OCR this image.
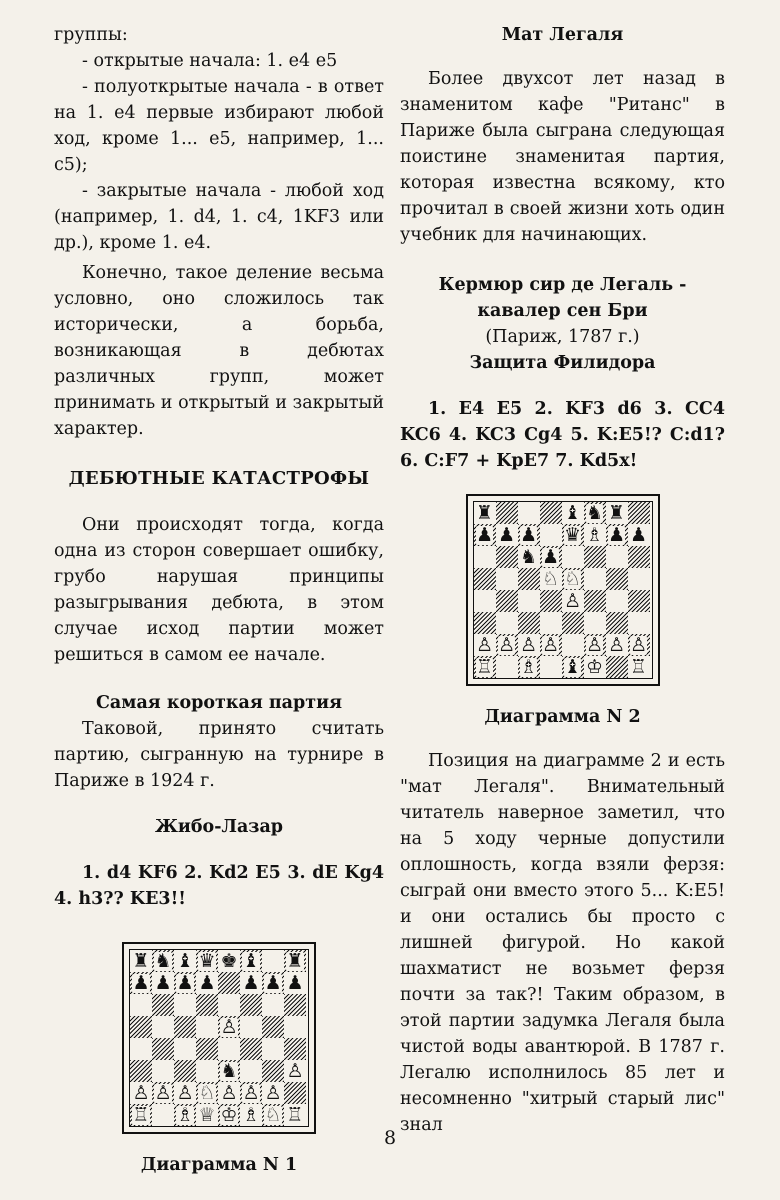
группы:

- открытые начала: 1. е4 е5

- полуоткрытые начала - в ответ на 1. е4 первые избирают любой ход, кроме 1... е5, например, 1... с5);

- закрытые начала - любой ход (например, 1. d4, 1. с4, 1KF3 или др.), кроме 1. е4.

Конечно, такое деление весьма условно, оно сложилось так исторически, а борьба, возникающая в дебютах различных групп, может принимать и открытый и закрытый характер.

ДЕБЮТНЫЕ КАТАСТРОФЫ

Они происходят тогда, когда одна из сторон совершает ошибку, грубо нарушая принципы разыгрывания дебюта, в этом случае исход партии может решиться в самом ее начале.

Самая короткая партия

Таковой, принято считать партию, сыгранную на турнире в Париже в 1924 г.

Жибо-Лазар

1. d4 KF6 2. Kd2 E5 3. dE Kg4 4. h3?? KE3!!

♜ ♞ ♝ ♛ ♚ ♝ ♜
♟ ♟ ♟ ♟ ♟ ♟ ♟
♙
♞	♙
♙ ♙ ♙ ♘ ♙ ♙ ♙
♖ ♗ ♕ ♔ ♗ ♘ ♖
Диаграмма N 1
Мат Легаля

Более двухсот лет назад в знаменитом кафе "Ританс" в Париже была сыграна следующая поистине знаменитая партия, которая известна всякому, кто прочитал в своей жизни хоть один учебник для начинающих.

Кермюр сир де Легаль - кавалер сен Бри
(Париж, 1787 г.)
Защита Филидора

1. E4 E5 2. KF3 d6 3. CC4 KC6 4. KC3 Cg4 5. K:E5!? C:d1? 6. C:F7 + KpE7 7. Kd5x!

♜	♝ ♞ ♜
♟ ♟ ♟ ♛ ♗ ♟ ♟
♞ ♟
♘ ♘
♙
♙ ♙ ♙ ♙ ♙ ♙ ♙
♖ ♗ ♝ ♔ ♖
Диаграмма N 2

Позиция на диаграмме 2 и есть "мат Легаля". Внимательный читатель наверное заметил, что на 5 ходу черные допустили оплошность, когда взяли ферзя: сыграй они вместо этого 5... K:E5! и они остались бы просто с лишней фигурой. Но какой шахматист не возьмет ферзя почти за так?! Таким образом, в этой партии задумка Легаля была чистой воды авантюрой. В 1787 г. Легалю исполнилось 85 лет и несомненно "хитрый старый лис" знал

8
